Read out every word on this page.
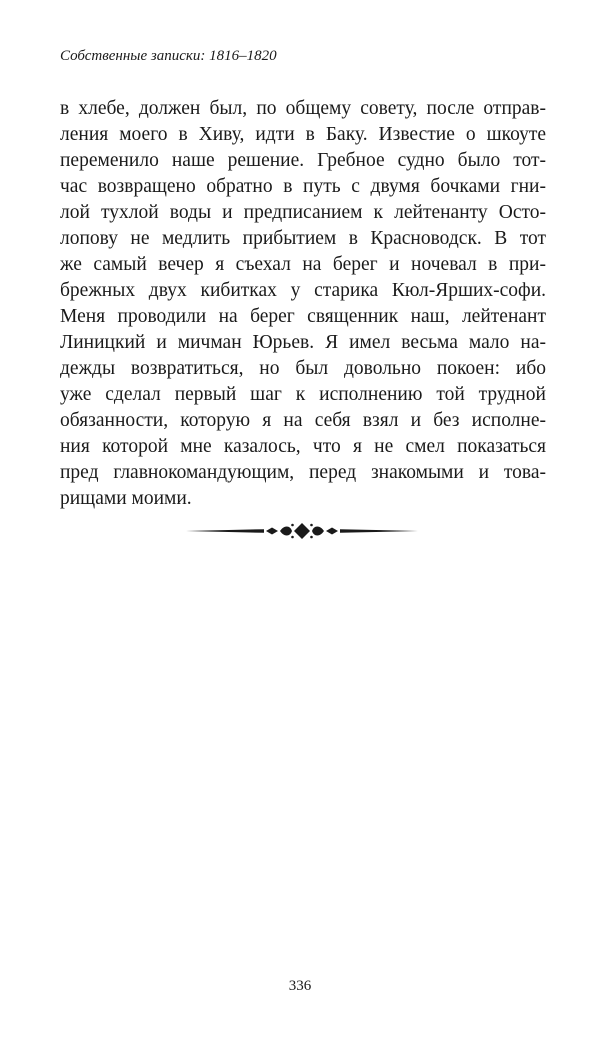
Собственные записки: 1816–1820
в хлебе, должен был, по общему совету, после отправ-
ления моего в Хиву, идти в Баку. Известие о шкоуте
переменило наше решение. Гребное судно было тот-
час возвращено обратно в путь с двумя бочками гни-
лой тухлой воды и предписанием к лейтенанту Осто-
лопову не медлить прибытием в Красноводск. В тот
же самый вечер я съехал на берег и ночевал в при-
брежных двух кибитках у старика Кюл-Ярших-софи.
Меня проводили на берег священник наш, лейтенант
Линицкий и мичман Юрьев. Я имел весьма мало на-
дежды возвратиться, но был довольно покоен: ибо
уже сделал первый шаг к исполнению той трудной
обязанности, которую я на себя взял и без исполне-
ния которой мне казалось, что я не смел показаться
пред главнокомандующим, перед знакомыми и това-
рищами моими.
336
